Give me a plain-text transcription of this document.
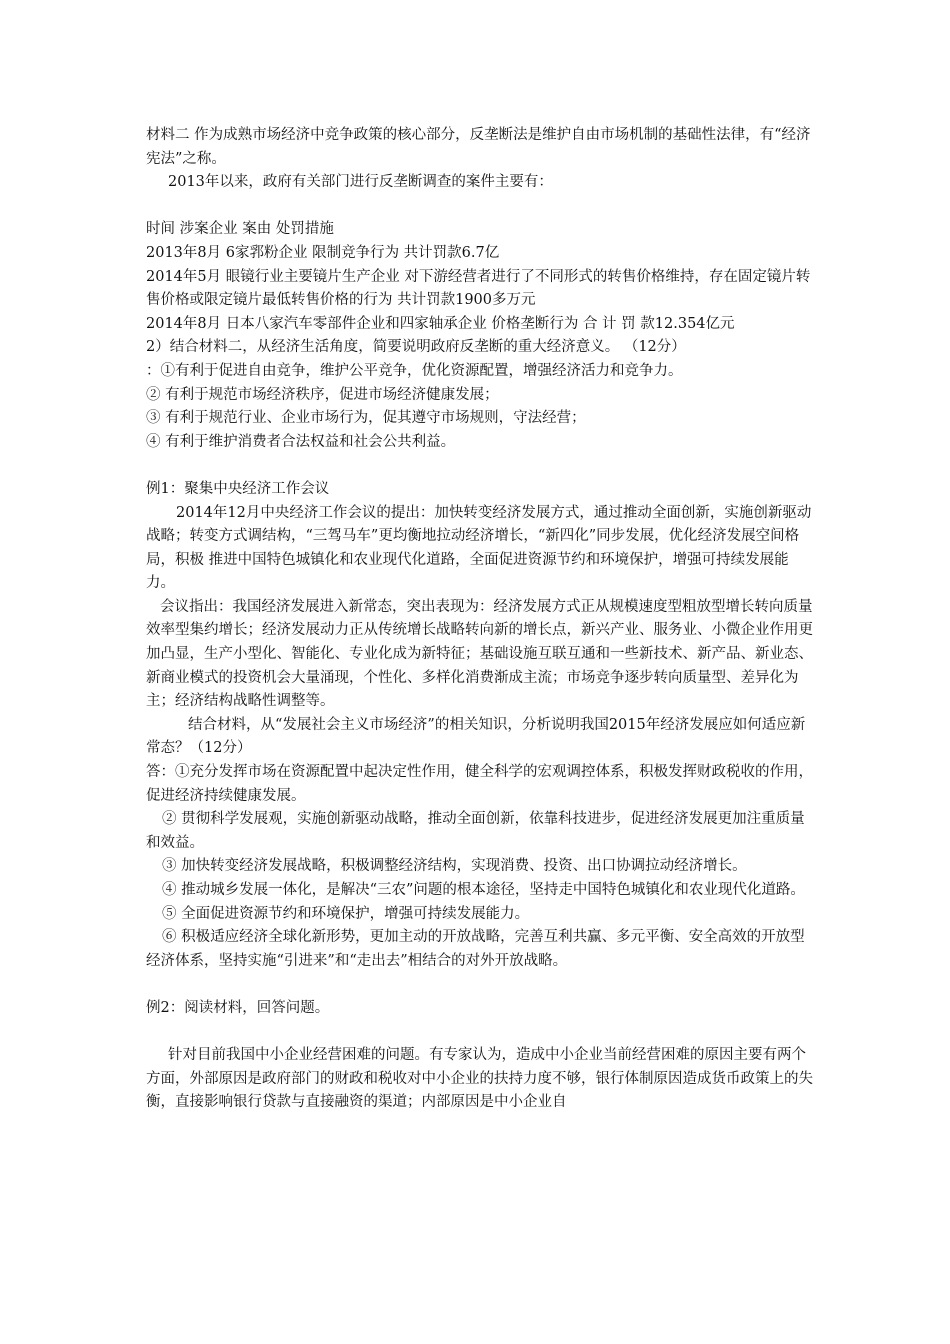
材料二 作为成熟市场经济中竞争政策的核心部分，反垄断法是维护自由市场机制的基础性法律，有“经济宪法”之称。

2013年以来，政府有关部门进行反垄断调查的案件主要有：

时间 涉案企业 案由 处罚措施

2013年8月 6家郛粉企业 限制竞争行为 共计罚款6.7亿

2014年5月 眼镜行业主要镜片生产企业 对下游经营者进行了不同形式的转售价格维持，存在固定镜片转售价格或限定镜片最低转售价格的行为 共计罚款1900多万元

2014年8月 日本八家汽车零部件企业和四家轴承企业 价格垄断行为 合 计 罚 款12.354亿元

2）结合材料二，从经济生活角度，简要说明政府反垄断的重大经济意义。 （12分）

：①有利于促进自由竞争，维护公平竞争，优化资源配置，增强经济活力和竞争力。

② 有利于规范市场经济秩序，促进市场经济健康发展；

③ 有利于规范行业、企业市场行为，促其遵守市场规则，守法经营；

④ 有利于维护消费者合法权益和社会公共利益。

例1：聚集中央经济工作会议

2014年12月中央经济工作会议的提出：加快转变经济发展方式，通过推动全面创新，实施创新驱动战略；转变方式调结构，“三驾马车”更均衡地拉动经济增长，“新四化”同步发展，优化经济发展空间格局，积极 推进中国特色城镇化和农业现代化道路，全面促进资源节约和环境保护，增强可持续发展能力。

会议指出：我国经济发展进入新常态，突出表现为：经济发展方式正从规模速度型粗放型增长转向质量效率型集约增长；经济发展动力正从传统增长战略转向新的增长点，新兴产业、服务业、小微企业作用更加凸显，生产小型化、智能化、专业化成为新特征；基础设施互联互通和一些新技术、新产品、新业态、新商业模式的投资机会大量涌现，个性化、多样化消费渐成主流；市场竞争逐步转向质量型、差异化为主；经济结构战略性调整等。

结合材料，从“发展社会主义市场经济”的相关知识，分析说明我国2015年经济发展应如何适应新常态？（12分）

答：①充分发挥市场在资源配置中起决定性作用，健全科学的宏观调控体系，积极发挥财政税收的作用，促进经济持续健康发展。

② 贯彻科学发展观，实施创新驱动战略，推动全面创新，依靠科技进步，促进经济发展更加注重质量和效益。

③ 加快转变经济发展战略，积极调整经济结构，实现消费、投资、出口协调拉动经济增长。

④ 推动城乡发展一体化，是解决“三农”问题的根本途径，坚持走中国特色城镇化和农业现代化道路。

⑤ 全面促进资源节约和环境保护，增强可持续发展能力。

⑥ 积极适应经济全球化新形势，更加主动的开放战略，完善互利共赢、多元平衡、安全高效的开放型经济体系，坚持实施“引进来”和“走出去”相结合的对外开放战略。

例2：阅读材料，回答问题。

针对目前我国中小企业经营困难的问题。有专家认为，造成中小企业当前经营困难的原因主要有两个方面，外部原因是政府部门的财政和税收对中小企业的扶持力度不够，银行体制原因造成货币政策上的失衡，直接影响银行贷款与直接融资的渠道；内部原因是中小企业自
